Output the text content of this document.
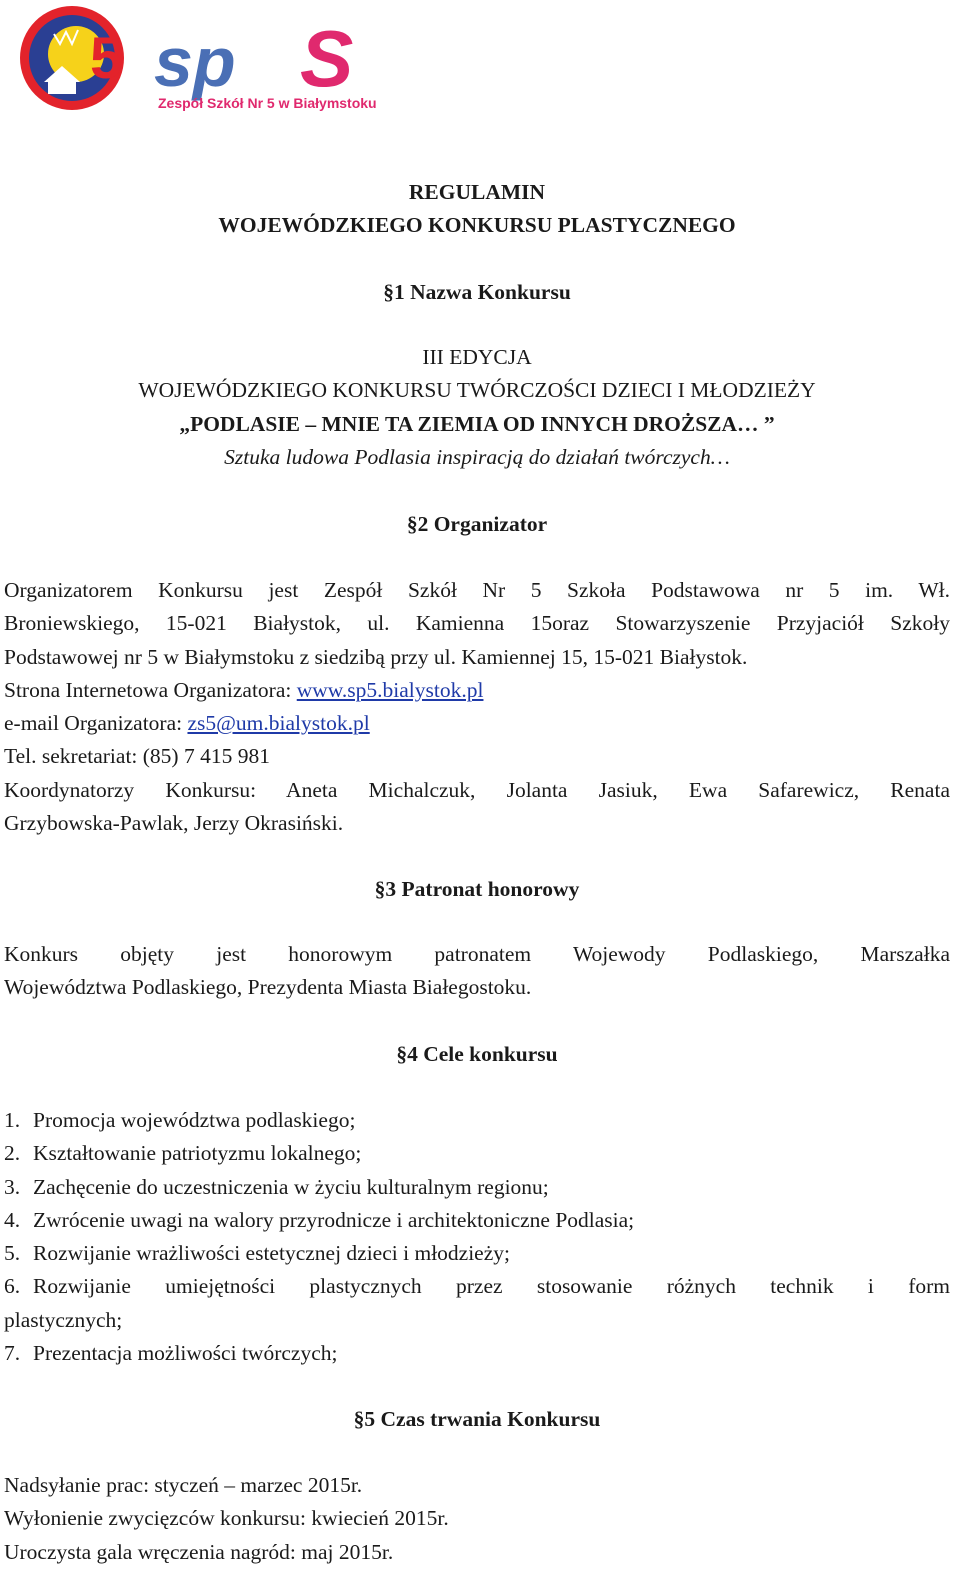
5 sp S
Zespół Szkół Nr 5 w Białymstoku
REGULAMIN
WOJEWÓDZKIEGO KONKURSU PLASTYCZNEGO
§1 Nazwa Konkursu
III EDYCJA
WOJEWÓDZKIEGO KONKURSU TWÓRCZOŚCI DZIECI I MŁODZIEŻY
„PODLASIE – MNIE TA ZIEMIA OD INNYCH DROŻSZA… ”
Sztuka ludowa Podlasia inspiracją do działań twórczych…
§2 Organizator
Organizatorem Konkursu jest Zespół Szkół Nr 5 Szkoła Podstawowa nr 5 im. Wł.
Broniewskiego, 15-021 Białystok, ul. Kamienna 15oraz Stowarzyszenie Przyjaciół Szkoły
Podstawowej nr 5 w Białymstoku z siedzibą przy ul. Kamiennej 15, 15-021 Białystok.
Strona Internetowa Organizatora: www.sp5.bialystok.pl
e-mail Organizatora: zs5@um.bialystok.pl
Tel. sekretariat: (85) 7 415 981
Koordynatorzy Konkursu: Aneta Michalczuk, Jolanta Jasiuk, Ewa Safarewicz, Renata
Grzybowska-Pawlak, Jerzy Okrasiński.
§3 Patronat honorowy
Konkurs objęty jest honorowym patronatem Wojewody Podlaskiego, Marszałka
Województwa Podlaskiego, Prezydenta Miasta Białegostoku.
§4 Cele konkursu
1. Promocja województwa podlaskiego;
2. Kształtowanie patriotyzmu lokalnego;
3. Zachęcenie do uczestniczenia w życiu kulturalnym regionu;
4. Zwrócenie uwagi na walory przyrodnicze i architektoniczne Podlasia;
5. Rozwijanie wrażliwości estetycznej dzieci i młodzieży;
6. Rozwijanie umiejętności plastycznych przez stosowanie różnych technik i form
plastycznych;
7. Prezentacja możliwości twórczych;
§5 Czas trwania Konkursu
Nadsyłanie prac: styczeń – marzec 2015r.
Wyłonienie zwycięzców konkursu: kwiecień 2015r.
Uroczysta gala wręczenia nagród: maj 2015r.
